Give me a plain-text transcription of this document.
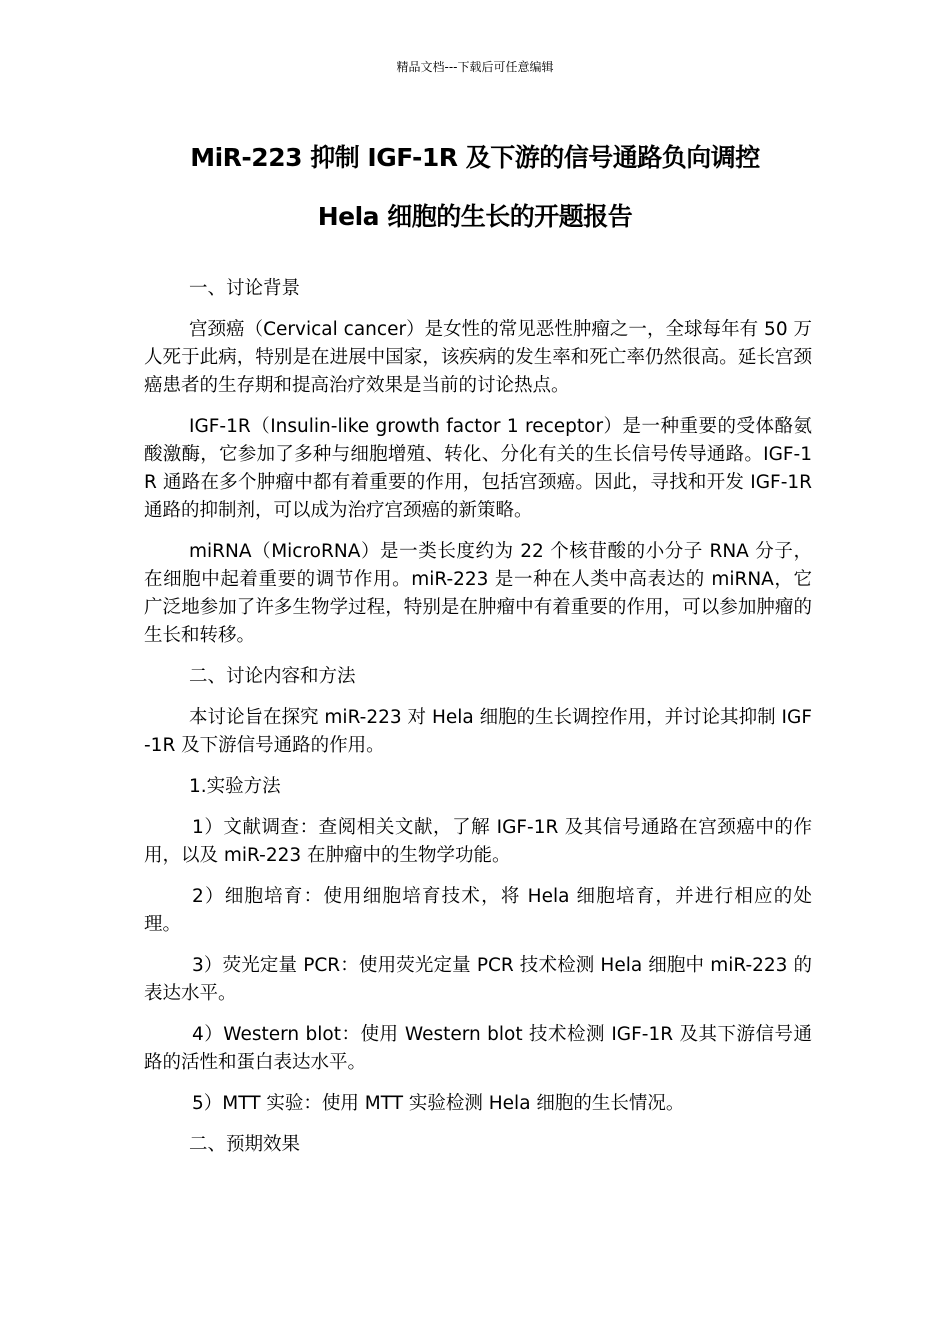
精品文档---下载后可任意编辑
MiR-223 抑制 IGF-1R 及下游的信号通路负向调控
Hela 细胞的生长的开题报告
一、讨论背景

宫颈癌（Cervical cancer）是女性的常见恶性肿瘤之一，全球每年有 50 万人死于此病，特别是在进展中国家，该疾病的发生率和死亡率仍然很高。延长宫颈癌患者的生存期和提高治疗效果是当前的讨论热点。

IGF-1R（Insulin-like growth factor 1 receptor）是一种重要的受体酪氨酸激酶，它参加了多种与细胞增殖、转化、分化有关的生长信号传导通路。IGF-1R 通路在多个肿瘤中都有着重要的作用，包括宫颈癌。因此，寻找和开发 IGF-1R 通路的抑制剂，可以成为治疗宫颈癌的新策略。

miRNA（MicroRNA）是一类长度约为 22 个核苷酸的小分子 RNA 分子，在细胞中起着重要的调节作用。miR-223 是一种在人类中高表达的 miRNA，它广泛地参加了许多生物学过程，特别是在肿瘤中有着重要的作用，可以参加肿瘤的生长和转移。

二、讨论内容和方法

本讨论旨在探究 miR-223 对 Hela 细胞的生长调控作用，并讨论其抑制 IGF-1R 及下游信号通路的作用。

1.实验方法

1）文献调查：查阅相关文献，了解 IGF-1R 及其信号通路在宫颈癌中的作用，以及 miR-223 在肿瘤中的生物学功能。

2）细胞培育：使用细胞培育技术，将 Hela 细胞培育，并进行相应的处理。

3）荧光定量 PCR：使用荧光定量 PCR 技术检测 Hela 细胞中 miR-223 的表达水平。

4）Western blot：使用 Western blot 技术检测 IGF-1R 及其下游信号通路的活性和蛋白表达水平。

5）MTT 实验：使用 MTT 实验检测 Hela 细胞的生长情况。

二、预期效果
